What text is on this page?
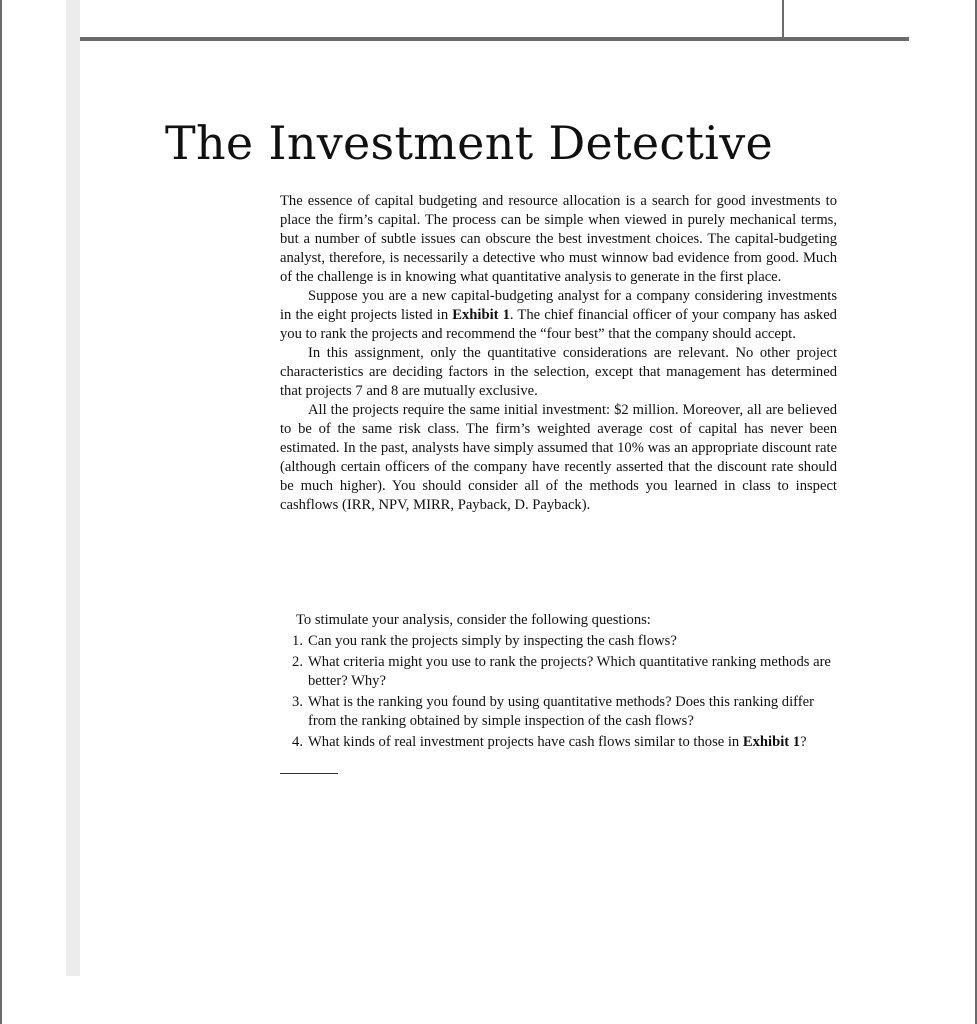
The Investment Detective

The essence of capital budgeting and resource allocation is a search for good investments to place the firm’s capital. The process can be simple when viewed in purely mechanical terms, but a number of subtle issues can obscure the best investment choices. The capital-budgeting analyst, therefore, is necessarily a detective who must winnow bad evidence from good. Much of the challenge is in knowing what quantitative analysis to generate in the first place.

Suppose you are a new capital-budgeting analyst for a company considering investments in the eight projects listed in Exhibit 1. The chief financial officer of your company has asked you to rank the projects and recommend the “four best” that the company should accept.

In this assignment, only the quantitative considerations are relevant. No other project characteristics are deciding factors in the selection, except that management has determined that projects 7 and 8 are mutually exclusive.

All the projects require the same initial investment: $2 million. Moreover, all are believed to be of the same risk class. The firm’s weighted average cost of capital has never been estimated. In the past, analysts have simply assumed that 10% was an appropriate discount rate (although certain officers of the company have recently asserted that the discount rate should be much higher). You should consider all of the methods you learned in class to inspect cashflows (IRR, NPV, MIRR, Payback, D. Payback).

To stimulate your analysis, consider the following questions:

1. Can you rank the projects simply by inspecting the cash flows?
2. What criteria might you use to rank the projects? Which quantitative ranking methods are better? Why?
3. What is the ranking you found by using quantitative methods? Does this ranking differ from the ranking obtained by simple inspection of the cash flows?
4. What kinds of real investment projects have cash flows similar to those in Exhibit 1?
